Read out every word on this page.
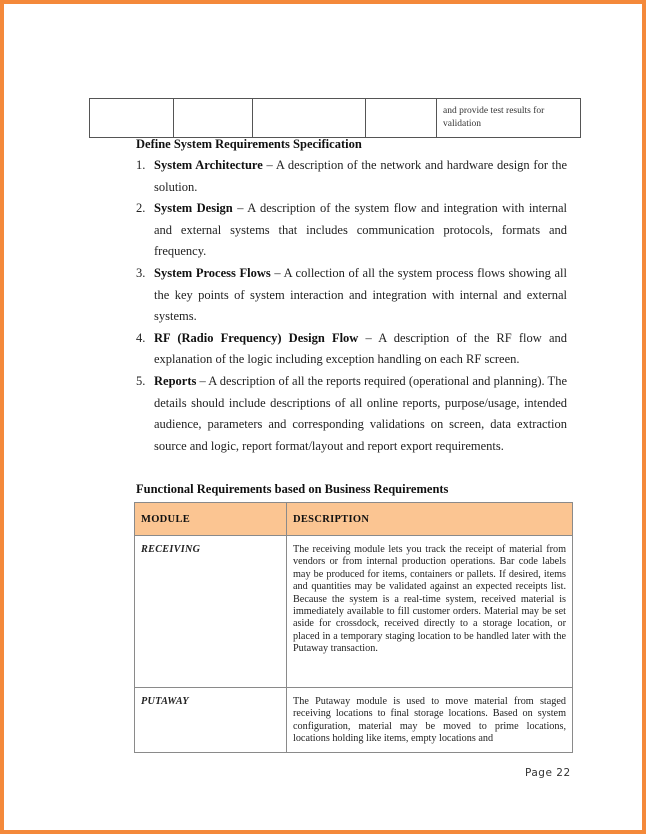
				and provide test results for validation
Define System Requirements Specification
1. System Architecture – A description of the network and hardware design for the solution.
2. System Design – A description of the system flow and integration with internal and external systems that includes communication protocols, formats and frequency.
3. System Process Flows – A collection of all the system process flows showing all the key points of system interaction and integration with internal and external systems.
4. RF (Radio Frequency) Design Flow – A description of the RF flow and explanation of the logic including exception handling on each RF screen.
5. Reports – A description of all the reports required (operational and planning). The details should include descriptions of all online reports, purpose/usage, intended audience, parameters and corresponding validations on screen, data extraction source and logic, report format/layout and report export requirements.
Functional Requirements based on Business Requirements
MODULE	DESCRIPTION
RECEIVING	The receiving module lets you track the receipt of material from vendors or from internal production operations. Bar code labels may be produced for items, containers or pallets. If desired, items and quantities may be validated against an expected receipts list. Because the system is a real-time system, received material is immediately available to fill customer orders. Material may be set aside for crossdock, received directly to a storage location, or placed in a temporary staging location to be handled later with the Putaway transaction.
PUTAWAY	The Putaway module is used to move material from staged receiving locations to final storage locations. Based on system configuration, material may be moved to prime locations, locations holding like items, empty locations and
Page 22
